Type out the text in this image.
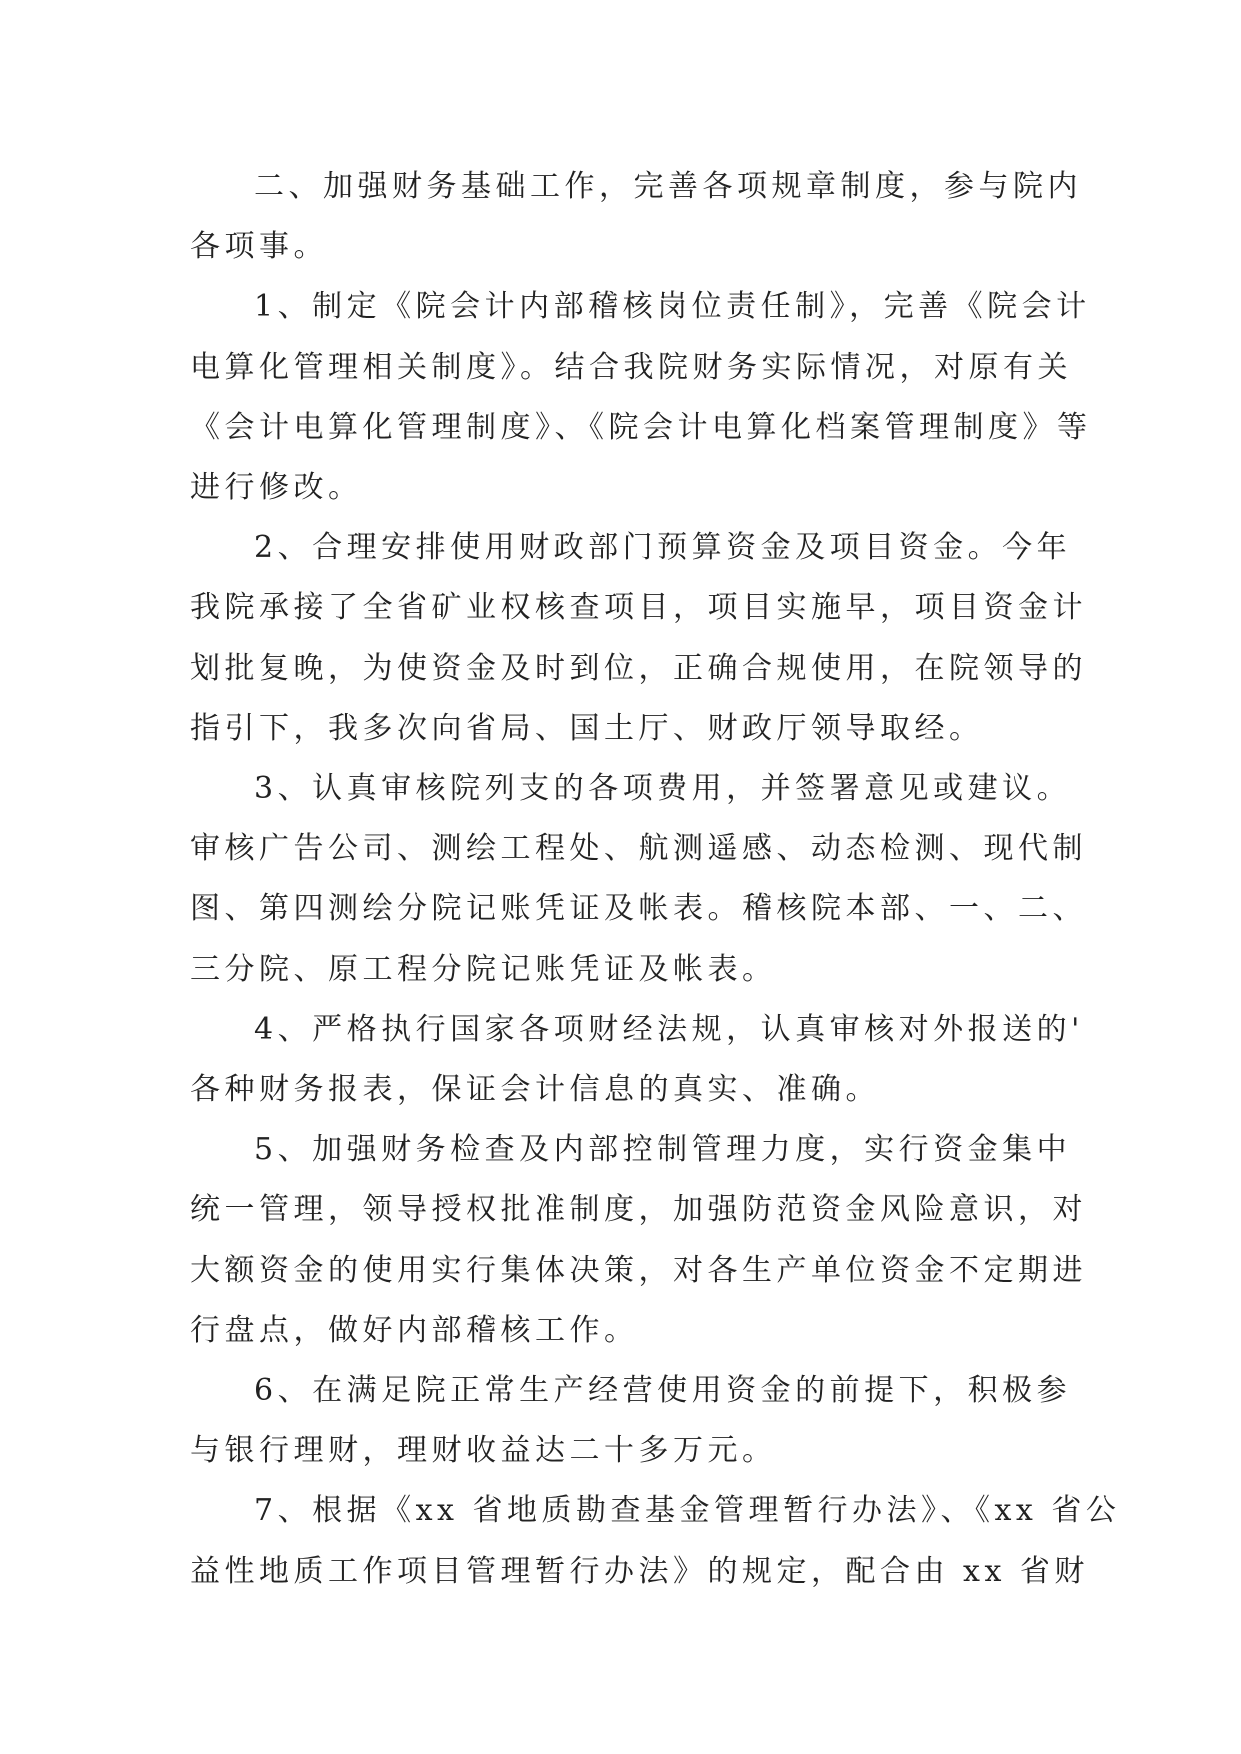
二、加强财务基础工作，完善各项规章制度，参与院内
各项事。

1、制定《院会计内部稽核岗位责任制》，完善《院会计
电算化管理相关制度》。结合我院财务实际情况，对原有关
《会计电算化管理制度》、《院会计电算化档案管理制度》等
进行修改。

2、合理安排使用财政部门预算资金及项目资金。今年
我院承接了全省矿业权核查项目，项目实施早，项目资金计
划批复晚，为使资金及时到位，正确合规使用，在院领导的
指引下，我多次向省局、国土厅、财政厅领导取经。

3、认真审核院列支的各项费用，并签署意见或建议。
审核广告公司、测绘工程处、航测遥感、动态检测、现代制
图、第四测绘分院记账凭证及帐表。稽核院本部、一、二、
三分院、原工程分院记账凭证及帐表。

4、严格执行国家各项财经法规，认真审核对外报送的'
各种财务报表，保证会计信息的真实、准确。

5、加强财务检查及内部控制管理力度，实行资金集中
统一管理，领导授权批准制度，加强防范资金风险意识，对
大额资金的使用实行集体决策，对各生产单位资金不定期进
行盘点，做好内部稽核工作。

6、在满足院正常生产经营使用资金的前提下，积极参
与银行理财，理财收益达二十多万元。

7、根据《xx 省地质勘查基金管理暂行办法》、《xx 省公
益性地质工作项目管理暂行办法》的规定，配合由 xx 省财
